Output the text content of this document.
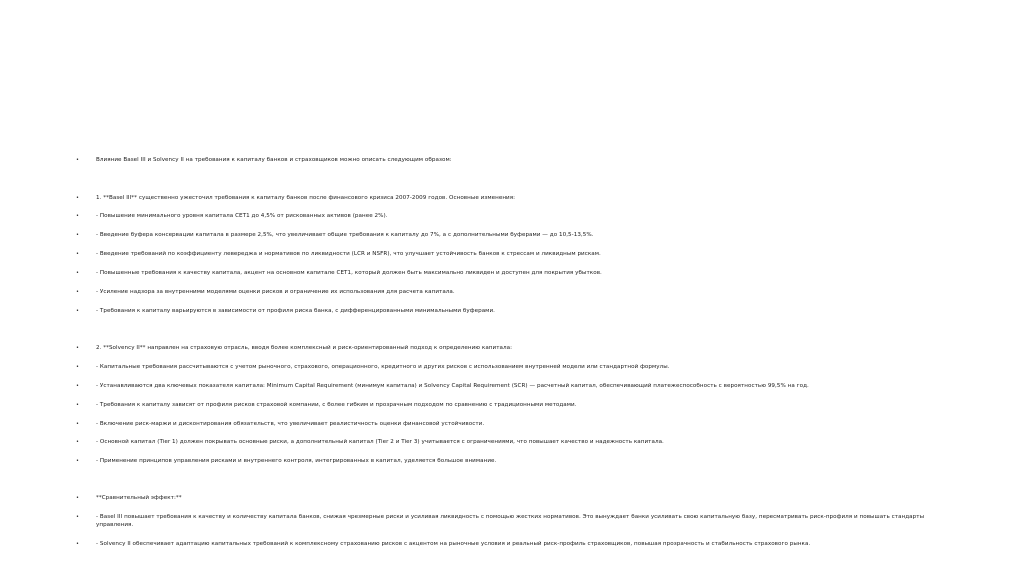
•	Влияние Basel III и Solvency II на требования к капиталу банков и страховщиков можно описать следующим образом:
•	1. **Basel III** существенно ужесточил требования к капиталу банков после финансового кризиса 2007-2009 годов. Основные изменения:
•	- Повышение минимального уровня капитала CET1 до 4,5% от рискованных активов (ранее 2%).
•	- Введение буфера консервации капитала в размере 2,5%, что увеличивает общие требования к капиталу до 7%, а с дополнительными буферами — до 10,5-13,5%.
•	- Введение требований по коэффициенту левереджа и нормативов по ликвидности (LCR и NSFR), что улучшает устойчивость банков к стрессам и ликвидным рискам.
•	- Повышенные требования к качеству капитала, акцент на основном капитале CET1, который должен быть максимально ликвиден и доступен для покрытия убытков.
•	- Усиление надзора за внутренними моделями оценки рисков и ограничение их использования для расчета капитала.
•	- Требования к капиталу варьируются в зависимости от профиля риска банка, с дифференцированными минимальными буферами.
•	2. **Solvency II** направлен на страховую отрасль, вводя более комплексный и риск-ориентированный подход к определению капитала:
•	- Капитальные требования рассчитываются с учетом рыночного, страхового, операционного, кредитного и других рисков с использованием внутренней модели или стандартной формулы.
•	- Устанавливаются два ключевых показателя капитала: Minimum Capital Requirement (минимум капитала) и Solvency Capital Requirement (SCR) — расчетный капитал, обеспечивающий платежеспособность с вероятностью 99,5% на год.
•	- Требования к капиталу зависят от профиля рисков страховой компании, с более гибким и прозрачным подходом по сравнению с традиционными методами.
•	- Включение риск-маржи и дисконтирования обязательств, что увеличивает реалистичность оценки финансовой устойчивости.
•	- Основной капитал (Tier 1) должен покрывать основные риски, а дополнительный капитал (Tier 2 и Tier 3) учитывается с ограничениями, что повышает качество и надежность капитала.
•	- Применение принципов управления рисками и внутреннего контроля, интегрированных в капитал, уделяется большое внимание.
•	**Сравнительный эффект:**
•	- Basel III повышает требования к качеству и количеству капитала банков, снижая чрезмерные риски и усиливая ликвидность с помощью жестких нормативов. Это вынуждает банки усиливать свою капитальную базу, пересматривать риск-профиля и повышать стандарты управления.
•	- Solvency II обеспечивает адаптацию капитальных требований к комплексному страхованию рисков с акцентом на рыночные условия и реальный риск-профиль страховщиков, повышая прозрачность и стабильность страхового рынка.
